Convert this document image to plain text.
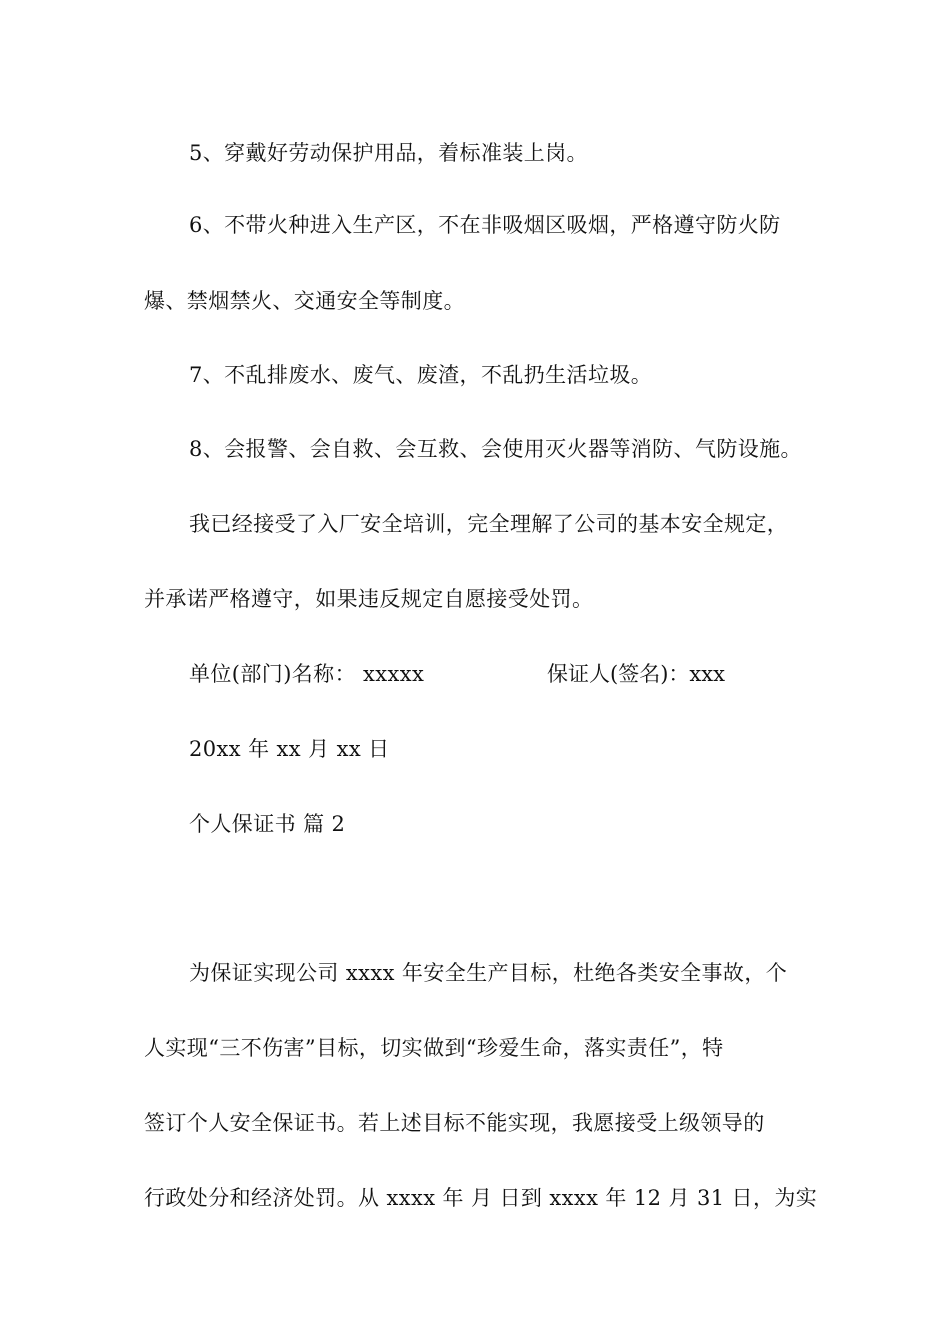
5、穿戴好劳动保护用品，着标准装上岗。
6、不带火种进入生产区，不在非吸烟区吸烟，严格遵守防火防
爆、禁烟禁火、交通安全等制度。
7、不乱排废水、废气、废渣，不乱扔生活垃圾。
8、会报警、会自救、会互救、会使用灭火器等消防、气防设施。
我已经接受了入厂安全培训，完全理解了公司的基本安全规定，
并承诺严格遵守，如果违反规定自愿接受处罚。
单位(部门)名称： xxxxx	保证人(签名)：xxx
20xx 年 xx 月 xx 日
个人保证书 篇 2
为保证实现公司 xxxx 年安全生产目标，杜绝各类安全事故，个
人实现“三不伤害”目标，切实做到“珍爱生命，落实责任”，特
签订个人安全保证书。若上述目标不能实现，我愿接受上级领导的
行政处分和经济处罚。从 xxxx 年 月 日到 xxxx 年 12 月 31 日，为实
